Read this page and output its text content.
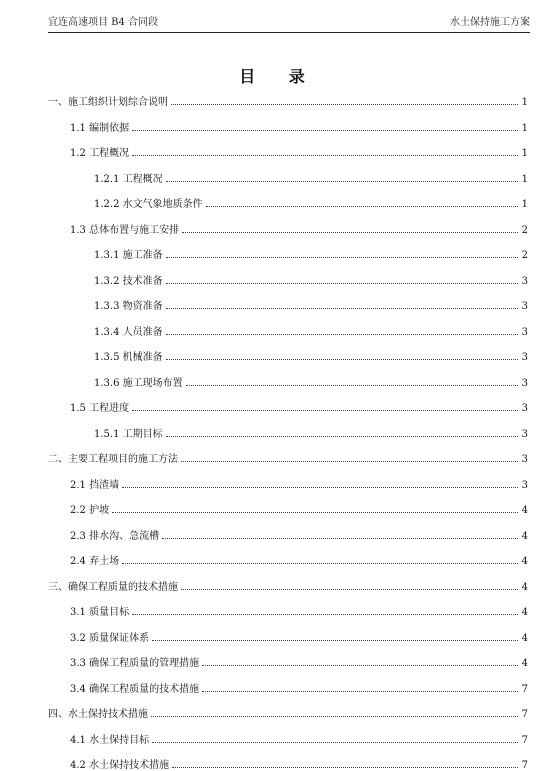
宜连高速项目 B4 合同段	水土保持施工方案
目 录
一、施工组织计划综合说明	1
1.1 编制依据	1
1.2 工程概况	1
1.2.1 工程概况	1
1.2.2 水文气象地质条件	1
1.3 总体布置与施工安排	2
1.3.1 施工准备	2
1.3.2 技术准备	3
1.3.3 物资准备	3
1.3.4 人员准备	3
1.3.5 机械准备	3
1.3.6 施工现场布置	3
1.5 工程进度	3
1.5.1 工期目标	3
二、主要工程项目的施工方法	3
2.1 挡渣墙	3
2.2 护坡	4
2.3 排水沟、急流槽	4
2.4 弃土场	4
三、确保工程质量的技术措施	4
3.1 质量目标	4
3.2 质量保证体系	4
3.3 确保工程质量的管理措施	4
3.4 确保工程质量的技术措施	7
四、水土保持技术措施	7
4.1 水土保持目标	7
4.2 水土保持技术措施	7
